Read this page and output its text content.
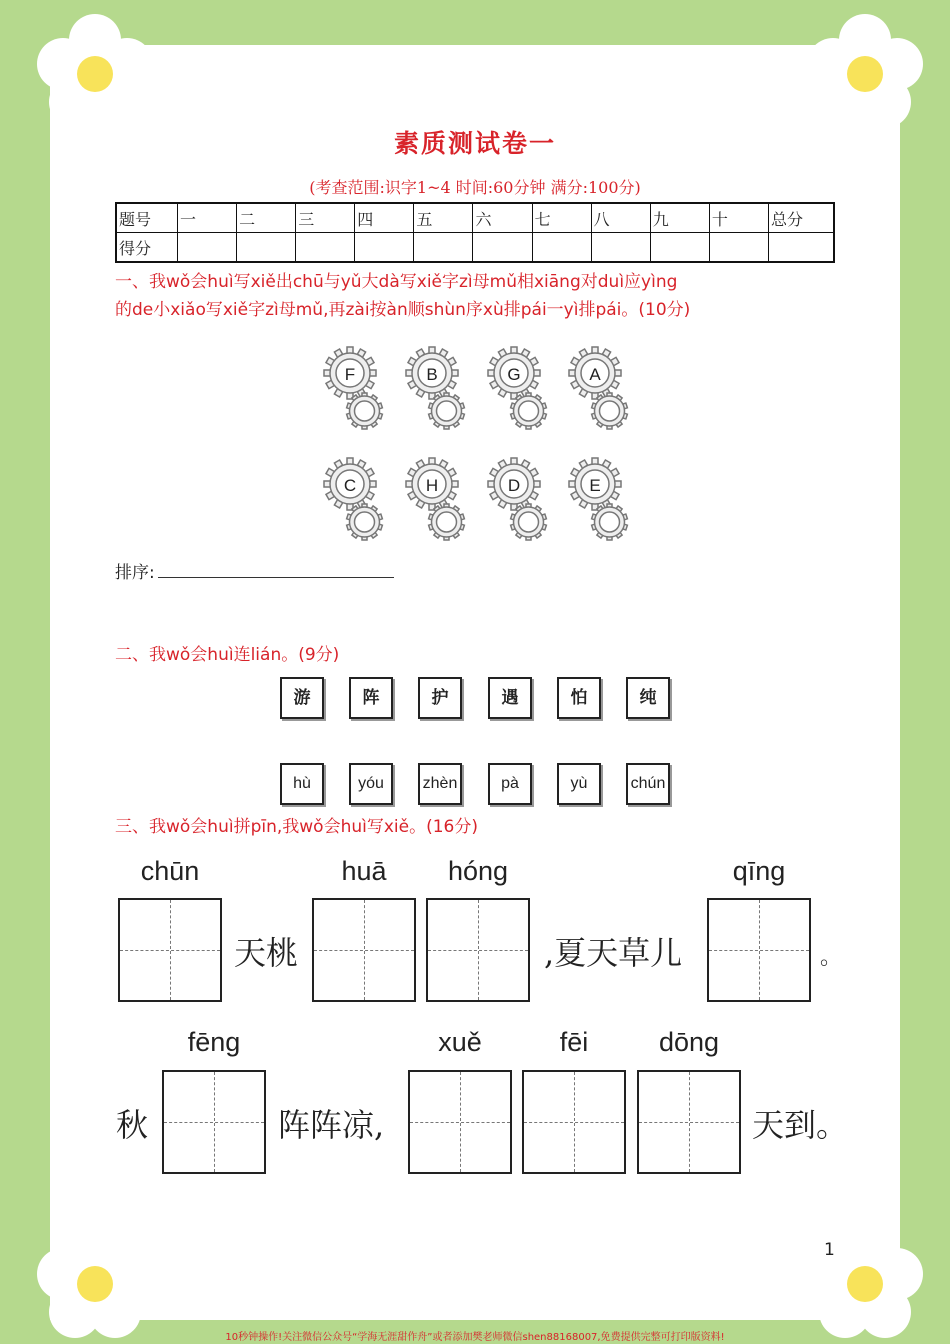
素质测试卷一
(考查范围:识字1~4 时间:60分钟 满分:100分)
题号	一	二	三	四	五	六	七	八	九	十	总分
得分											
一、我wǒ会huì写xiě出chū与yǔ大dà写xiě字zì母mǔ相xiāng对duì应yìng
的de小xiǎo写xiě字zì母mǔ,再zài按àn顺shùn序xù排pái一yì排pái。(10分)
F	B	G	A
C	H	D	E
排序:
二、我wǒ会huì连lián。(9分)
游	阵	护	遇	怕	纯
hù	yóu	zhèn	pà	yù	chún
三、我wǒ会huì拼pīn,我wǒ会huì写xiě。(16分)
chūn	huā	hóng	qīng
天桃	,夏天草儿	。
fēng	xuě	fēi	dōng
秋	阵阵凉,	天到。
1
10秒钟操作!关注微信公众号“学海无涯甜作舟”或者添加樊老师微信shen88168007,免费提供完整可打印版资料!
